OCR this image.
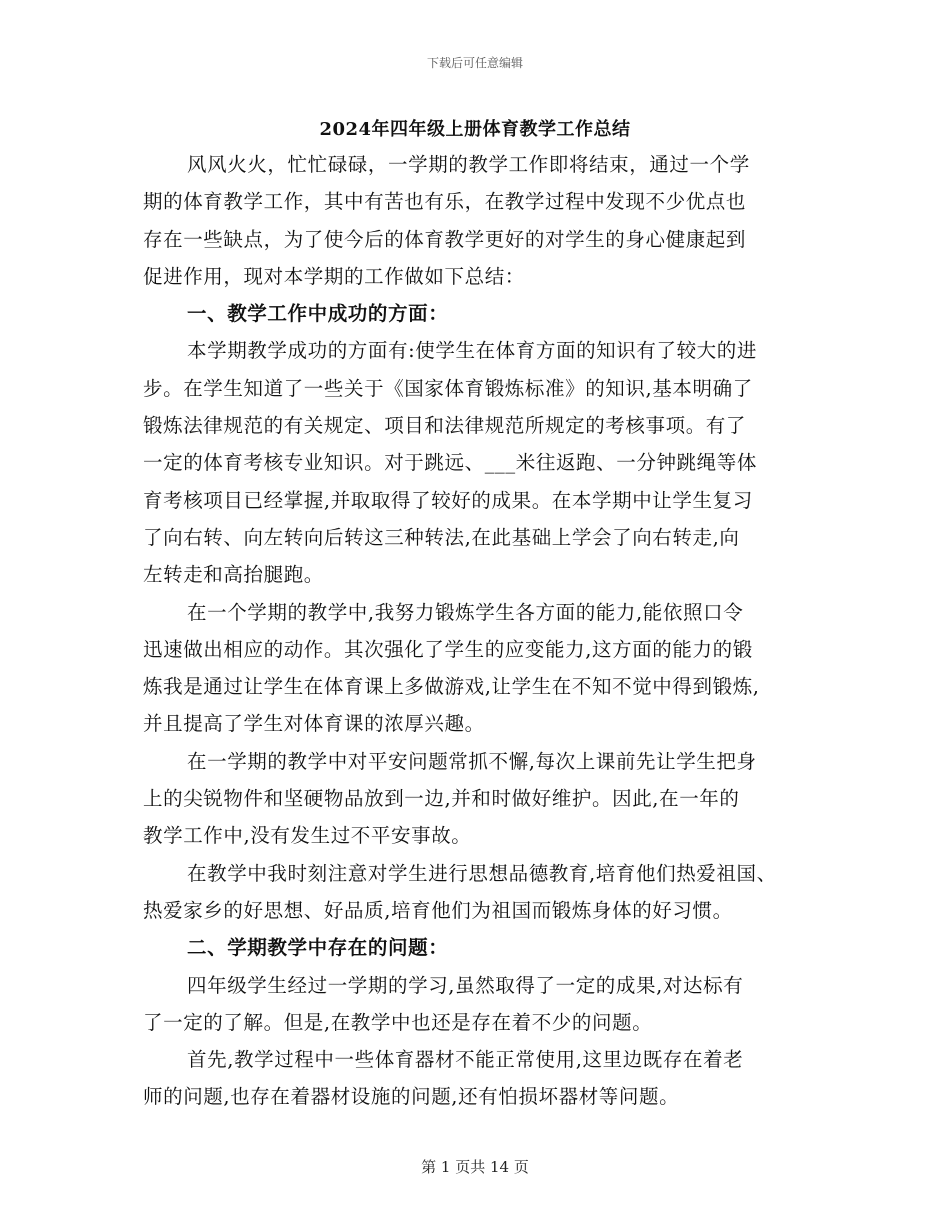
下载后可任意编辑
2024年四年级上册体育教学工作总结
风风火火，忙忙碌碌，一学期的教学工作即将结束，通过一个学
期的体育教学工作，其中有苦也有乐，在教学过程中发现不少优点也
存在一些缺点，为了使今后的体育教学更好的对学生的身心健康起到
促进作用，现对本学期的工作做如下总结：
一、教学工作中成功的方面：
本学期教学成功的方面有:使学生在体育方面的知识有了较大的进
步。在学生知道了一些关于《国家体育锻炼标准》的知识,基本明确了
锻炼法律规范的有关规定、项目和法律规范所规定的考核事项。有了
一定的体育考核专业知识。对于跳远、___米往返跑、一分钟跳绳等体
育考核项目已经掌握,并取取得了较好的成果。在本学期中让学生复习
了向右转、向左转向后转这三种转法,在此基础上学会了向右转走,向
左转走和高抬腿跑。
在一个学期的教学中,我努力锻炼学生各方面的能力,能依照口令
迅速做出相应的动作。其次强化了学生的应变能力,这方面的能力的锻
炼我是通过让学生在体育课上多做游戏,让学生在不知不觉中得到锻炼,
并且提高了学生对体育课的浓厚兴趣。
在一学期的教学中对平安问题常抓不懈,每次上课前先让学生把身
上的尖锐物件和坚硬物品放到一边,并和时做好维护。因此,在一年的
教学工作中,没有发生过不平安事故。
在教学中我时刻注意对学生进行思想品德教育,培育他们热爱祖国、
热爱家乡的好思想、好品质,培育他们为祖国而锻炼身体的好习惯。
二、学期教学中存在的问题：
四年级学生经过一学期的学习,虽然取得了一定的成果,对达标有
了一定的了解。但是,在教学中也还是存在着不少的问题。
首先,教学过程中一些体育器材不能正常使用,这里边既存在着老
师的问题,也存在着器材设施的问题,还有怕损坏器材等问题。
第 1 页共 14 页
